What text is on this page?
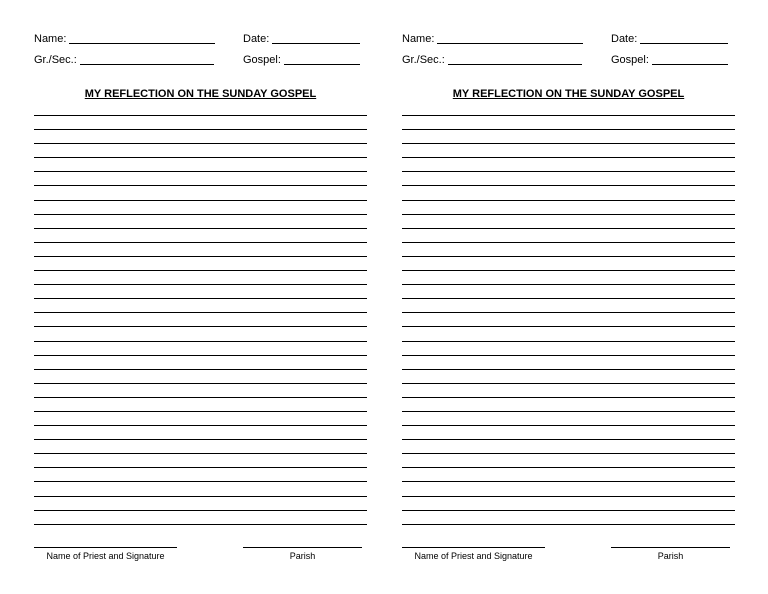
Name:	Date:
Gr./Sec.:	Gospel:
MY REFLECTION ON THE SUNDAY GOSPEL
Name of Priest and Signature	Parish
Name:	Date:
Gr./Sec.:	Gospel:
MY REFLECTION ON THE SUNDAY GOSPEL
Name of Priest and Signature	Parish
